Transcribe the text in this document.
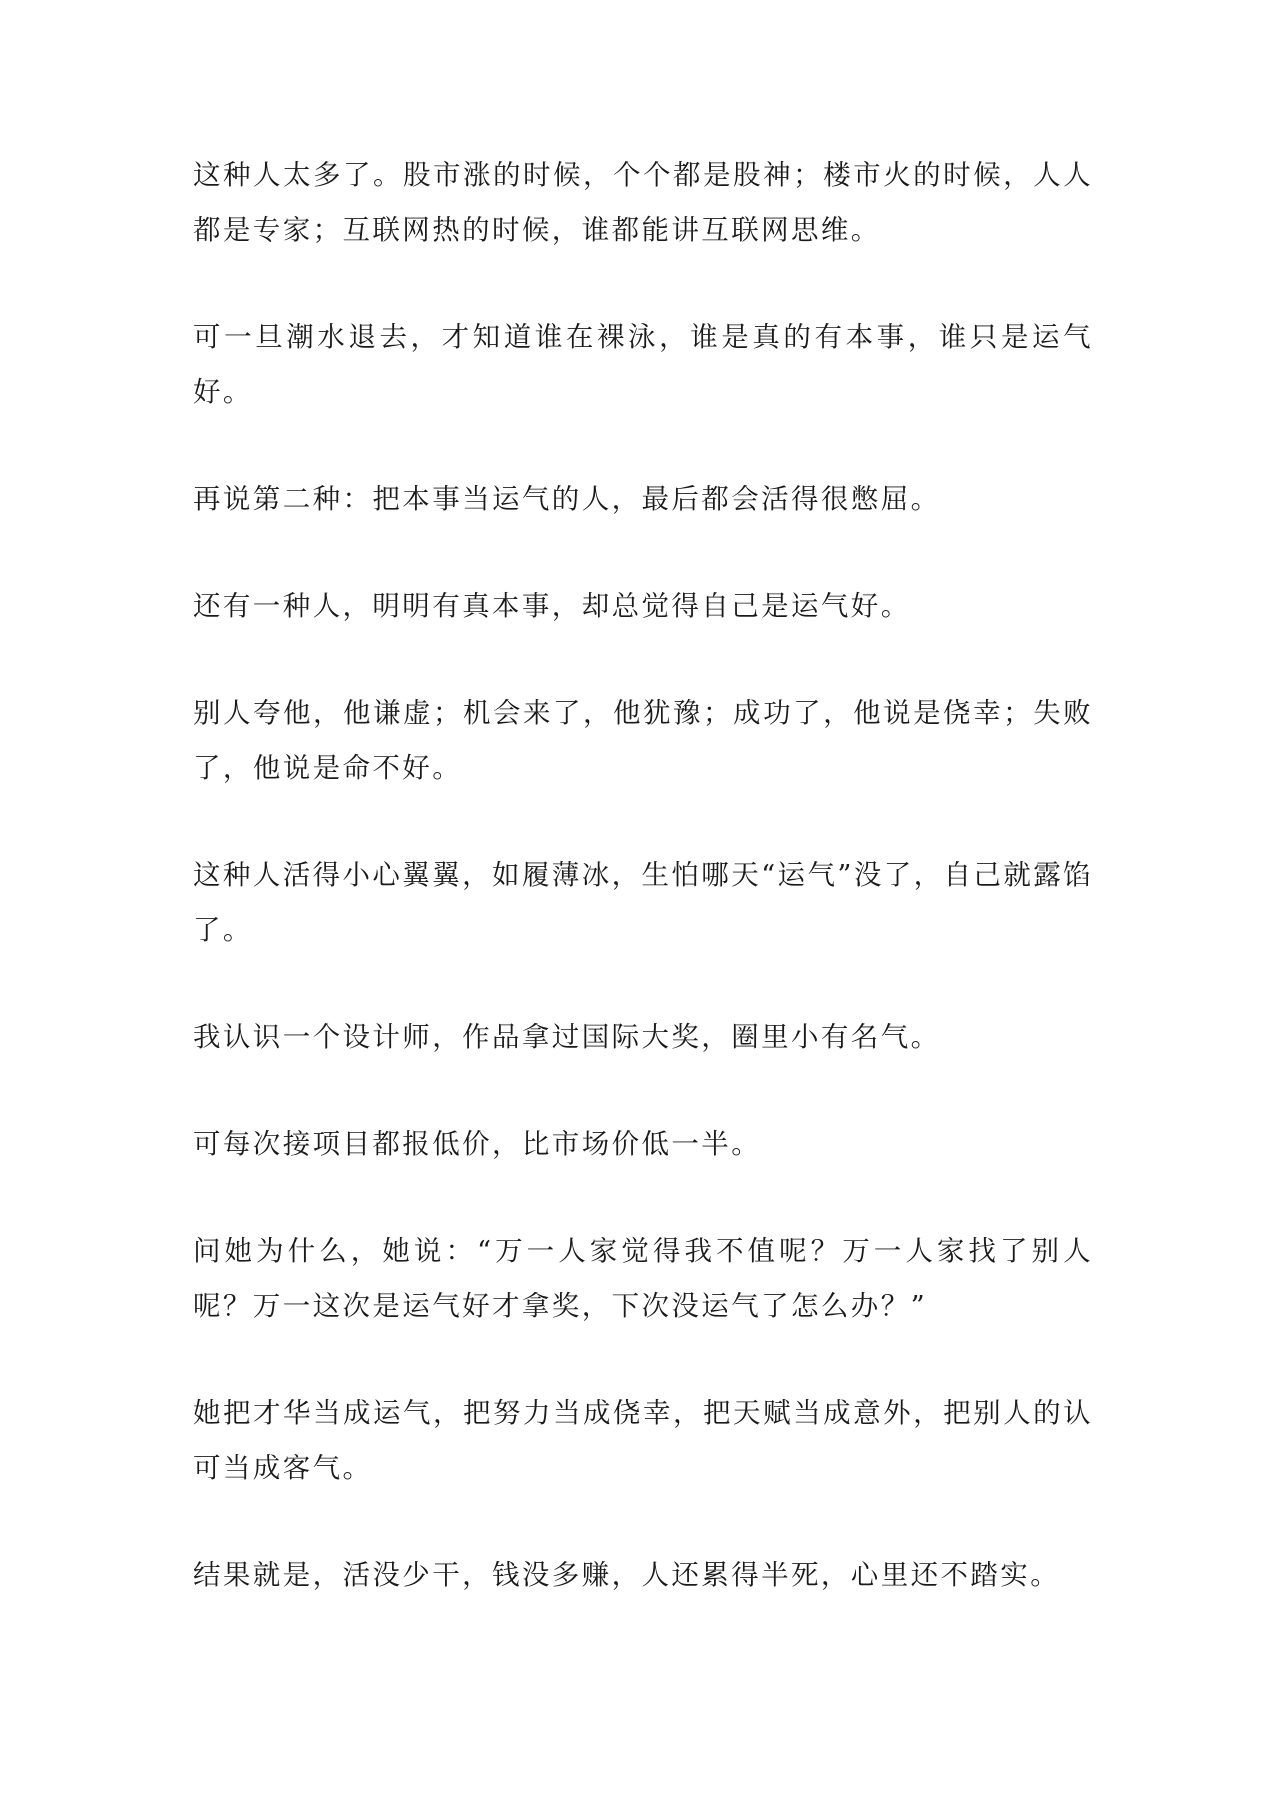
这种人太多了。股市涨的时候，个个都是股神；楼市火的时候，人人都是专家；互联网热的时候，谁都能讲互联网思维。

可一旦潮水退去，才知道谁在裸泳，谁是真的有本事，谁只是运气好。

再说第二种：把本事当运气的人，最后都会活得很憋屈。

还有一种人，明明有真本事，却总觉得自己是运气好。

别人夸他，他谦虚；机会来了，他犹豫；成功了，他说是侥幸；失败了，他说是命不好。

这种人活得小心翼翼，如履薄冰，生怕哪天“运气”没了，自己就露馅了。

我认识一个设计师，作品拿过国际大奖，圈里小有名气。

可每次接项目都报低价，比市场价低一半。

问她为什么，她说：“万一人家觉得我不值呢？万一人家找了别人呢？万一这次是运气好才拿奖，下次没运气了怎么办？”

她把才华当成运气，把努力当成侥幸，把天赋当成意外，把别人的认可当成客气。

结果就是，活没少干，钱没多赚，人还累得半死，心里还不踏实。
